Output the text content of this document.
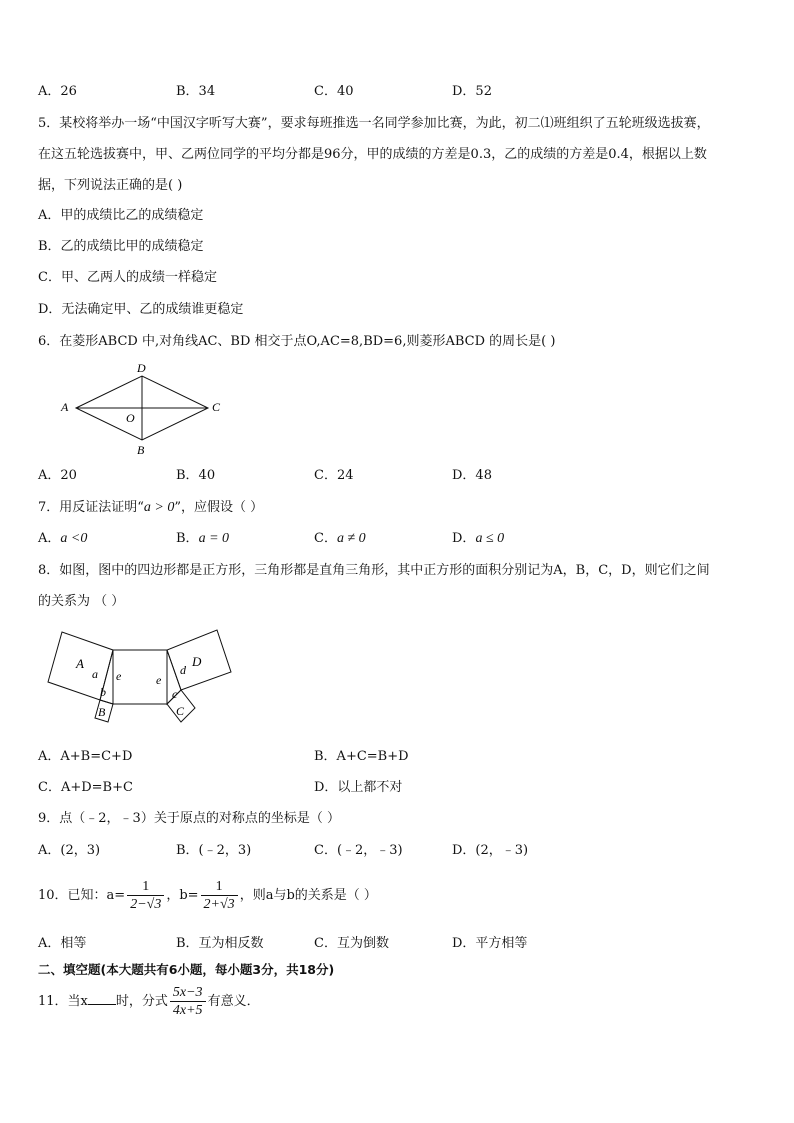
A．26	B．34	C．40	D．52
5．某校将举办一场“中国汉字听写大赛”，要求每班推选一名同学参加比赛，为此，初二⑴班组织了五轮班级选拔赛，
在这五轮选拔赛中，甲、乙两位同学的平均分都是96分，甲的成绩的方差是0.3，乙的成绩的方差是0.4，根据以上数
据，下列说法正确的是( )
A．甲的成绩比乙的成绩稳定
B．乙的成绩比甲的成绩稳定
C．甲、乙两人的成绩一样稳定
D．无法确定甲、乙的成绩谁更稳定
6．在菱形ABCD 中,对角线AC、BD 相交于点O,AC=8,BD=6,则菱形ABCD 的周长是( )
A
D
C
B
O
A．20	B．40	C．24	D．48
7．用反证法证明“a > 0”，应假设（ ）
A．a <0	B．a = 0	C．a ≠ 0	D．a ≤ 0
8．如图，图中的四边形都是正方形，三角形都是直角三角形，其中正方形的面积分别记为A，B，C，D，则它们之间
的关系为 （ ）
A
a
b
B
e	e
d
D
c
C
A．A+B=C+D	B．A+C=B+D
C．A+D=B+C	D．以上都不对
9．点（﹣2，﹣3）关于原点的对称点的坐标是（ ）
A．(2，3)	B．(﹣2，3)	C．(﹣2，﹣3)	D．(2，﹣3)
10．已知：$a= \frac{1}{2-√3}$ ，$b= \frac{1}{2+√3}$ ，则a与b的关系是（ ）
A．相等	B．互为相反数	C．互为倒数	D．平方相等
二、填空题(本大题共有6小题，每小题3分，共18分)
11．当x 时，分式 $\frac{5x-3}{4x+5}$ 有意义．
